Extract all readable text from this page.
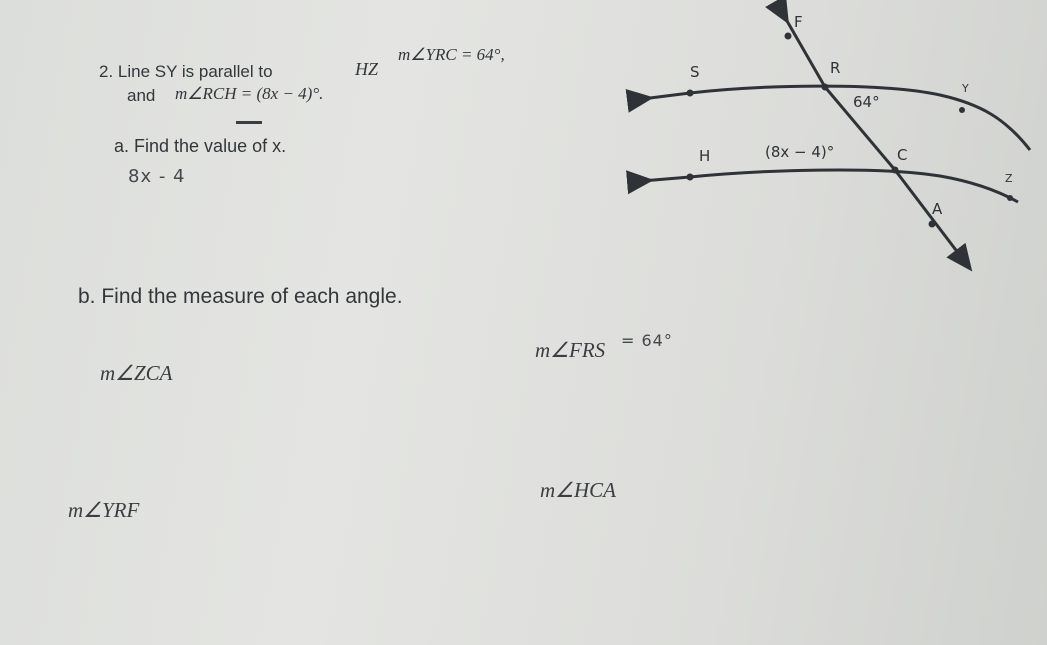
2. Line SY is parallel to	HZ
m∠YRC = 64°,
and m∠RCH = (8x − 4)°.
a. Find the value of x.
8x - 4
b. Find the measure of each angle.
m∠ZCA
m∠FRS = 64°
m∠YRF
m∠HCA
F
S	R
Y
64°
H	(8x − 4)°	C
Z
A
